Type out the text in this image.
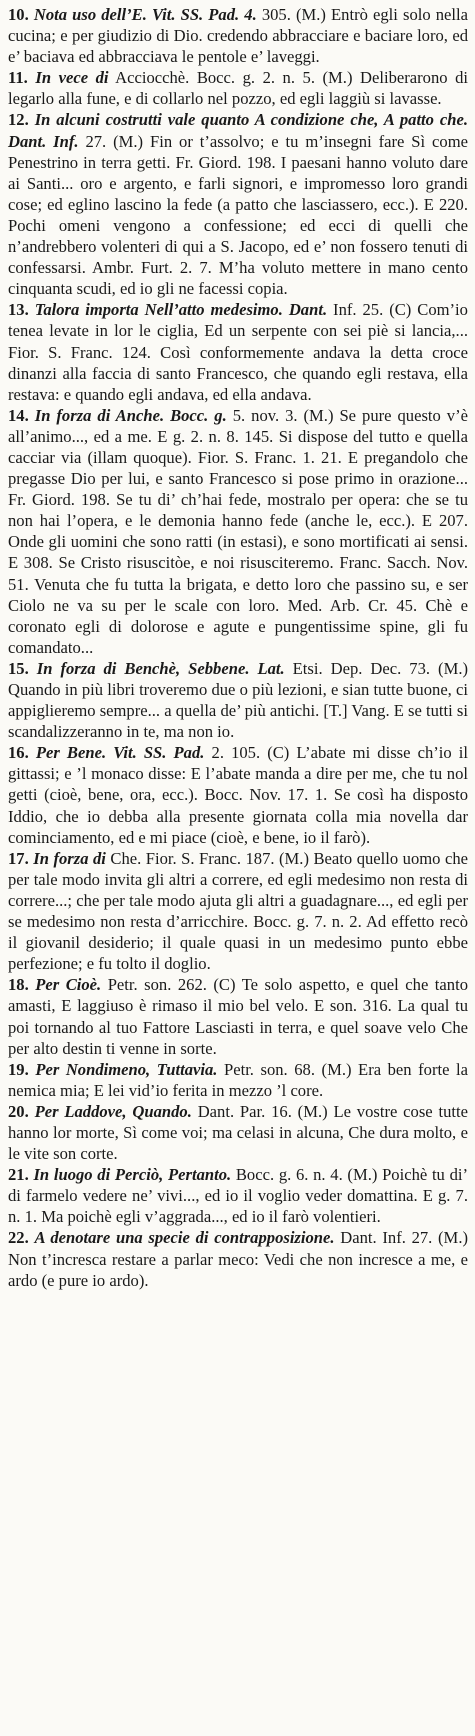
10. Nota uso dell’E. Vit. SS. Pad. 4. 305. (M.) Entrò egli solo nella cucina; e per giudizio di Dio. credendo abbracciare e baciare loro, ed e’ baciava ed abbracciava le pentole e’ laveggi.

11. In vece di Acciocchè. Bocc. g. 2. n. 5. (M.) Deliberarono di legarlo alla fune, e di collarlo nel pozzo, ed egli laggiù si lavasse.

12. In alcuni costrutti vale quanto A condizione che, A patto che. Dant. Inf. 27. (M.) Fin or t’assolvo; e tu m’insegni fare Sì come Penestrino in terra getti. Fr. Giord. 198. I paesani hanno voluto dare ai Santi... oro e argento, e farli signori, e impromesso loro grandi cose; ed eglino lascino la fede (a patto che lasciassero, ecc.). E 220. Pochi omeni vengono a confessione; ed ecci di quelli che n’andrebbero volenteri di qui a S. Jacopo, ed e’ non fossero tenuti di confessarsi. Ambr. Furt. 2. 7. M’ha voluto mettere in mano cento cinquanta scudi, ed io gli ne facessi copia.

13. Talora importa Nell’atto medesimo. Dant. Inf. 25. (C) Com’io tenea levate in lor le ciglia, Ed un serpente con sei piè si lancia,... Fior. S. Franc. 124. Così conformemente andava la detta croce dinanzi alla faccia di santo Francesco, che quando egli restava, ella restava: e quando egli andava, ed ella andava.

14. In forza di Anche. Bocc. g. 5. nov. 3. (M.) Se pure questo v’è all’animo..., ed a me. E g. 2. n. 8. 145. Si dispose del tutto e quella cacciar via (illam quoque). Fior. S. Franc. 1. 21. E pregandolo che pregasse Dio per lui, e santo Francesco si pose primo in orazione... Fr. Giord. 198. Se tu di’ ch’hai fede, mostralo per opera: che se tu non hai l’opera, e le demonia hanno fede (anche le, ecc.). E 207. Onde gli uomini che sono ratti (in estasi), e sono mortificati ai sensi. E 308. Se Cristo risuscitòe, e noi risusciteremo. Franc. Sacch. Nov. 51. Venuta che fu tutta la brigata, e detto loro che passino su, e ser Ciolo ne va su per le scale con loro. Med. Arb. Cr. 45. Chè e coronato egli di dolorose e agute e pungentissime spine, gli fu comandato...

15. In forza di Benchè, Sebbene. Lat. Etsi. Dep. Dec. 73. (M.) Quando in più libri troveremo due o più lezioni, e sian tutte buone, ci appiglieremo sempre... a quella de’ più antichi. [T.] Vang. E se tutti si scandalizzeranno in te, ma non io.

16. Per Bene. Vit. SS. Pad. 2. 105. (C) L’abate mi disse ch’io il gittassi; e ’l monaco disse: E l’abate manda a dire per me, che tu nol getti (cioè, bene, ora, ecc.). Bocc. Nov. 17. 1. Se così ha disposto Iddio, che io debba alla presente giornata colla mia novella dar cominciamento, ed e mi piace (cioè, e bene, io il farò).

17. In forza di Che. Fior. S. Franc. 187. (M.) Beato quello uomo che per tale modo invita gli altri a correre, ed egli medesimo non resta di correre...; che per tale modo ajuta gli altri a guadagnare..., ed egli per se medesimo non resta d’arricchire. Bocc. g. 7. n. 2. Ad effetto recò il giovanil desiderio; il quale quasi in un medesimo punto ebbe perfezione; e fu tolto il doglio.

18. Per Cioè. Petr. son. 262. (C) Te solo aspetto, e quel che tanto amasti, E laggiuso è rimaso il mio bel velo. E son. 316. La qual tu poi tornando al tuo Fattore Lasciasti in terra, e quel soave velo Che per alto destin ti venne in sorte.

19. Per Nondimeno, Tuttavia. Petr. son. 68. (M.) Era ben forte la nemica mia; E lei vid’io ferita in mezzo ’l core.

20. Per Laddove, Quando. Dant. Par. 16. (M.) Le vostre cose tutte hanno lor morte, Sì come voi; ma celasi in alcuna, Che dura molto, e le vite son corte.

21. In luogo di Perciò, Pertanto. Bocc. g. 6. n. 4. (M.) Poichè tu di’ di farmelo vedere ne’ vivi..., ed io il voglio veder domattina. E g. 7. n. 1. Ma poichè egli v’aggrada..., ed io il farò volentieri.

22. A denotare una specie di contrapposizione. Dant. Inf. 27. (M.) Non t’incresca restare a parlar meco: Vedi che non incresce a me, e ardo (e pure io ardo).
